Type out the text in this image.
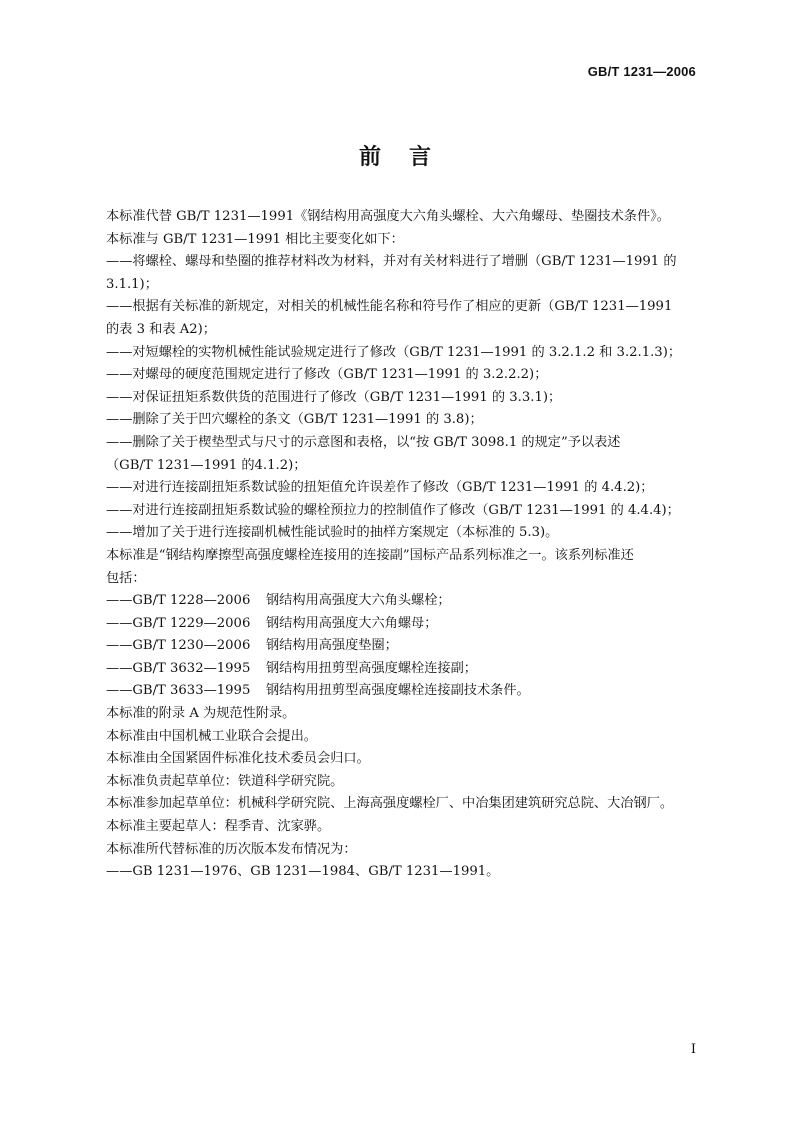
GB/T 1231—2006
前言

本标准代替 GB/T 1231—1991《钢结构用高强度大六角头螺栓、大六角螺母、垫圈技术条件》。

本标准与 GB/T 1231—1991 相比主要变化如下：

——将螺栓、螺母和垫圈的推荐材料改为材料，并对有关材料进行了增删（GB/T 1231—1991 的

3.1.1)；

——根据有关标准的新规定，对相关的机械性能名称和符号作了相应的更新（GB/T 1231—1991

的表 3 和表 A2)；

——对短螺栓的实物机械性能试验规定进行了修改（GB/T 1231—1991 的 3.2.1.2 和 3.2.1.3)；

——对螺母的硬度范围规定进行了修改（GB/T 1231—1991 的 3.2.2.2)；

——对保证扭矩系数供货的范围进行了修改（GB/T 1231—1991 的 3.3.1)；

——删除了关于凹穴螺栓的条文（GB/T 1231—1991 的 3.8)；

——删除了关于楔垫型式与尺寸的示意图和表格，以“按 GB/T 3098.1 的规定”予以表述

（GB/T 1231—1991 的4.1.2)；

——对进行连接副扭矩系数试验的扭矩值允许误差作了修改（GB/T 1231—1991 的 4.4.2)；

——对进行连接副扭矩系数试验的螺栓预拉力的控制值作了修改（GB/T 1231—1991 的 4.4.4)；

——增加了关于进行连接副机械性能试验时的抽样方案规定（本标准的 5.3)。

本标准是“钢结构摩擦型高强度螺栓连接用的连接副”国标产品系列标准之一。该系列标准还

包括：

——GB/T 1228—2006	钢结构用高强度大六角头螺栓；
——GB/T 1229—2006	钢结构用高强度大六角螺母；
——GB/T 1230—2006	钢结构用高强度垫圈；
——GB/T 3632—1995	钢结构用扭剪型高强度螺栓连接副；
——GB/T 3633—1995	钢结构用扭剪型高强度螺栓连接副技术条件。

本标准的附录 A 为规范性附录。

本标准由中国机械工业联合会提出。

本标准由全国紧固件标准化技术委员会归口。

本标准负责起草单位：铁道科学研究院。

本标准参加起草单位：机械科学研究院、上海高强度螺栓厂、中冶集团建筑研究总院、大冶钢厂。

本标准主要起草人：程季青、沈家骅。

本标准所代替标准的历次版本发布情况为：

——GB 1231—1976、GB 1231—1984、GB/T 1231—1991。

I
